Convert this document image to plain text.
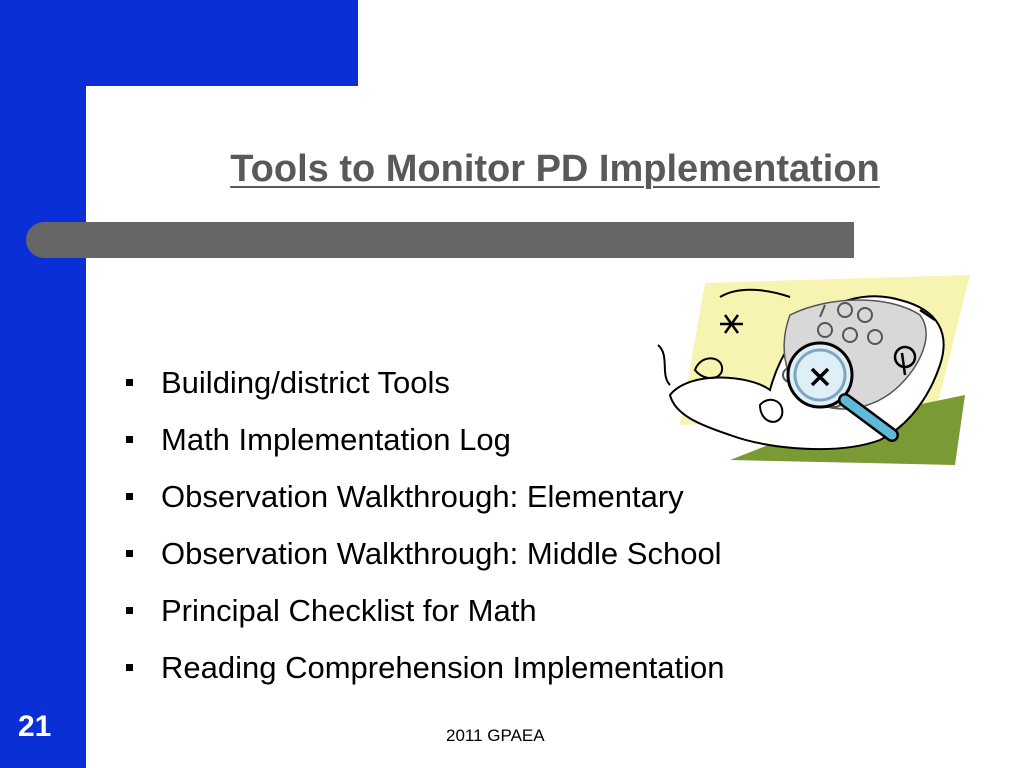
Tools to Monitor PD Implementation
Building/district Tools
Math Implementation Log
Observation Walkthrough: Elementary
Observation Walkthrough: Middle School
Principal Checklist for Math
Reading Comprehension Implementation
21	2011 GPAEA
